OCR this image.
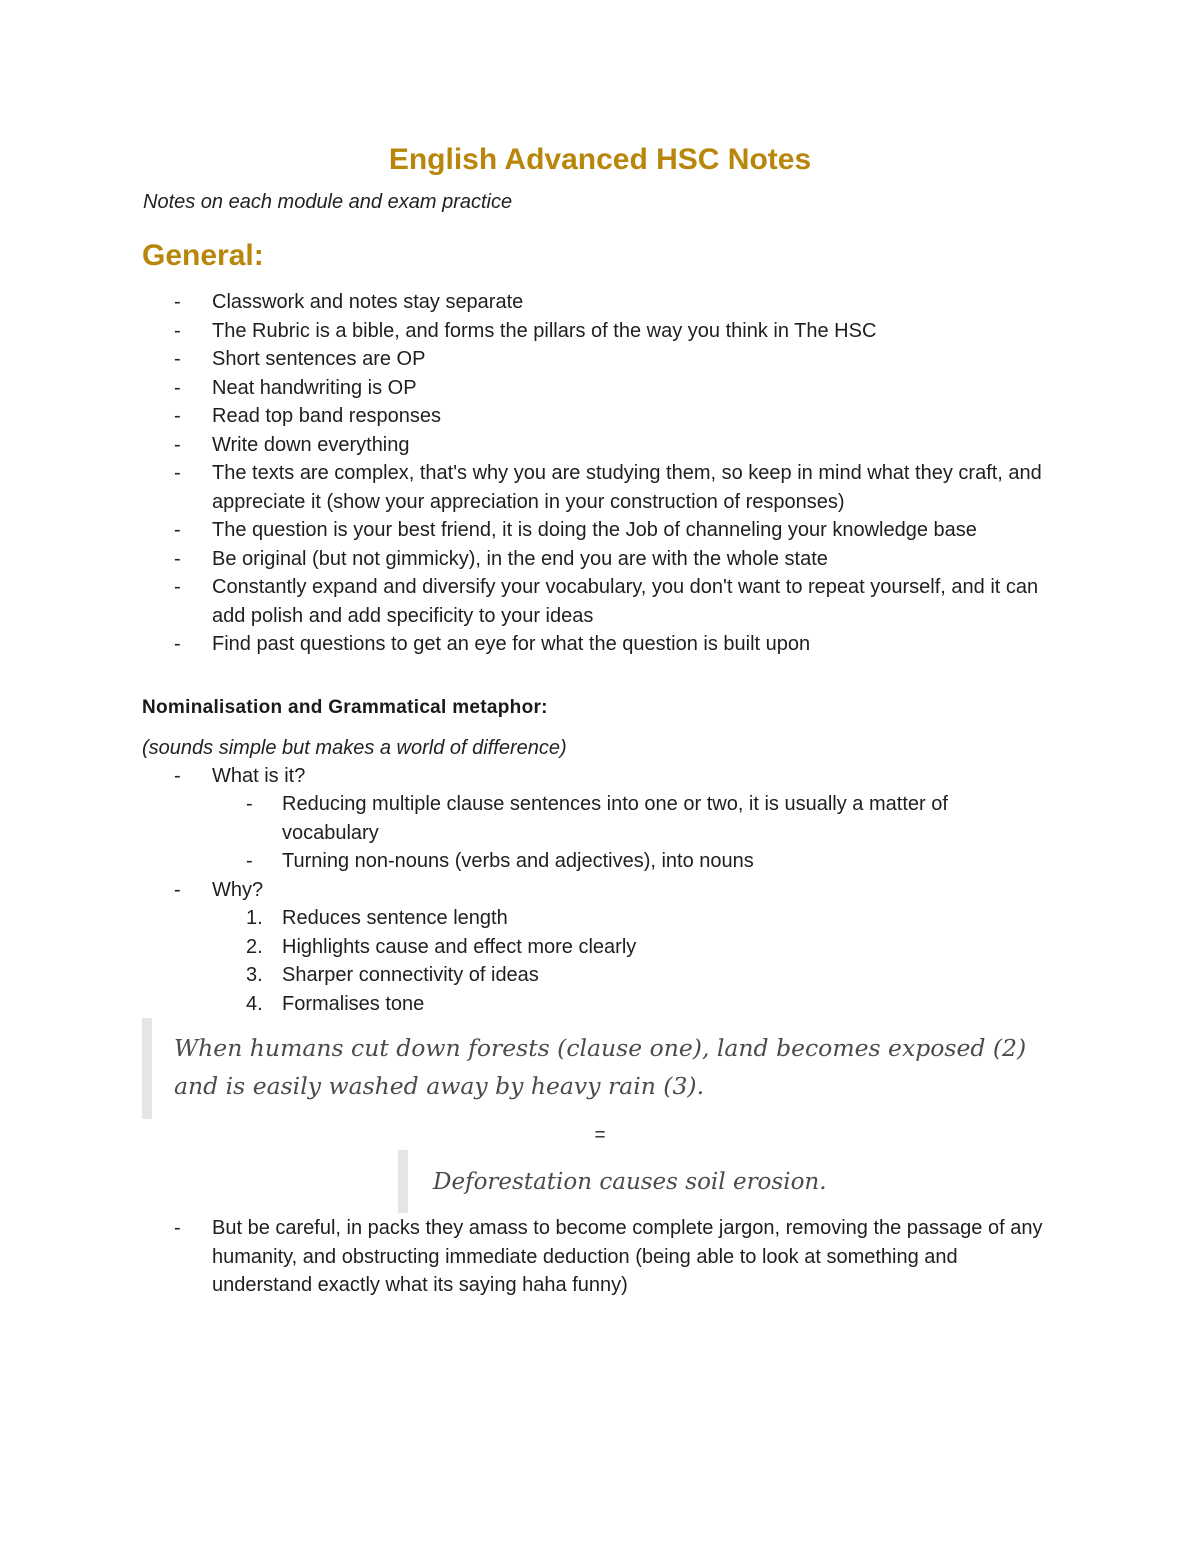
English Advanced HSC Notes
Notes on each module and exam practice
General:
- Classwork and notes stay separate
- The Rubric is a bible, and forms the pillars of the way you think in The HSC
- Short sentences are OP
- Neat handwriting is OP
- Read top band responses
- Write down everything
- The texts are complex, that's why you are studying them, so keep in mind what they craft, and appreciate it (show your appreciation in your construction of responses)
- The question is your best friend, it is doing the Job of channeling your knowledge base
- Be original (but not gimmicky), in the end you are with the whole state
- Constantly expand and diversify your vocabulary, you don't want to repeat yourself, and it can add polish and add specificity to your ideas
- Find past questions to get an eye for what the question is built upon
Nominalisation and Grammatical metaphor:
(sounds simple but makes a world of difference)
- What is it?
- Reducing multiple clause sentences into one or two, it is usually a matter of vocabulary
- Turning non-nouns (verbs and adjectives), into nouns
- Why?
1. Reduces sentence length
2. Highlights cause and effect more clearly
3. Sharper connectivity of ideas
4. Formalises tone
When humans cut down forests (clause one), land becomes exposed (2) and is easily washed away by heavy rain (3).
=
Deforestation causes soil erosion.
- But be careful, in packs they amass to become complete jargon, removing the passage of any humanity, and obstructing immediate deduction (being able to look at something and understand exactly what its saying haha funny)
